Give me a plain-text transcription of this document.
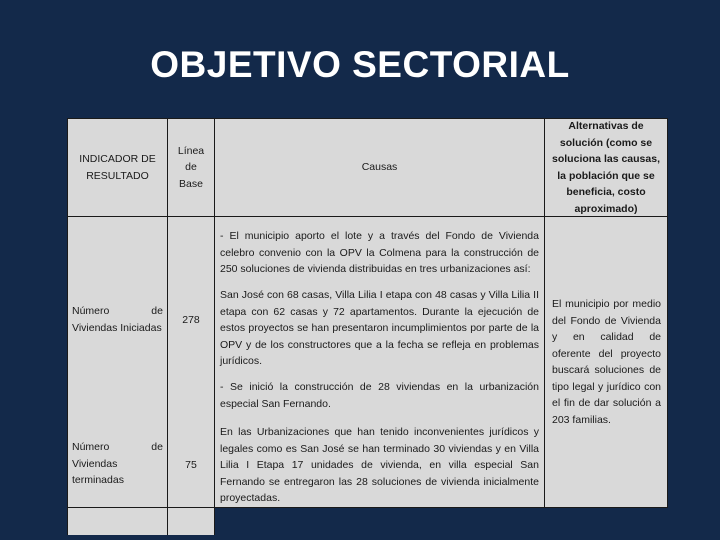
OBJETIVO SECTORIAL
INDICADOR DE RESULTADO
Línea de Base
Causas
Alternativas de solución (como se soluciona las causas, la población que se beneficia, costo aproximado)
Número de Viviendas Iniciadas
278
Número de Viviendas terminadas
75

- El municipio aporto el lote y a través del Fondo de Vivienda celebro convenio con la OPV la Colmena para la construcción de 250 soluciones de vivienda distribuidas en tres urbanizaciones así:

San José con 68 casas, Villa Lilia I etapa con 48 casas y Villa Lilia II etapa con 62 casas y 72 apartamentos. Durante la ejecución de estos proyectos se han presentaron incumplimientos por parte de la OPV y de los constructores que a la fecha se refleja en problemas jurídicos.

- Se inició la construcción de 28 viviendas en la urbanización especial San Fernando.

En las Urbanizaciones que han tenido inconvenientes jurídicos y legales como es San José se han terminado 30 viviendas y en Villa Lilia I Etapa 17 unidades de vivienda, en villa especial San Fernando se entregaron las 28 soluciones de vivienda inicialmente proyectadas.

El municipio por medio del Fondo de Vivienda y en calidad de oferente del proyecto buscará soluciones de tipo legal y jurídico con el fin de dar solución a 203 familias.
